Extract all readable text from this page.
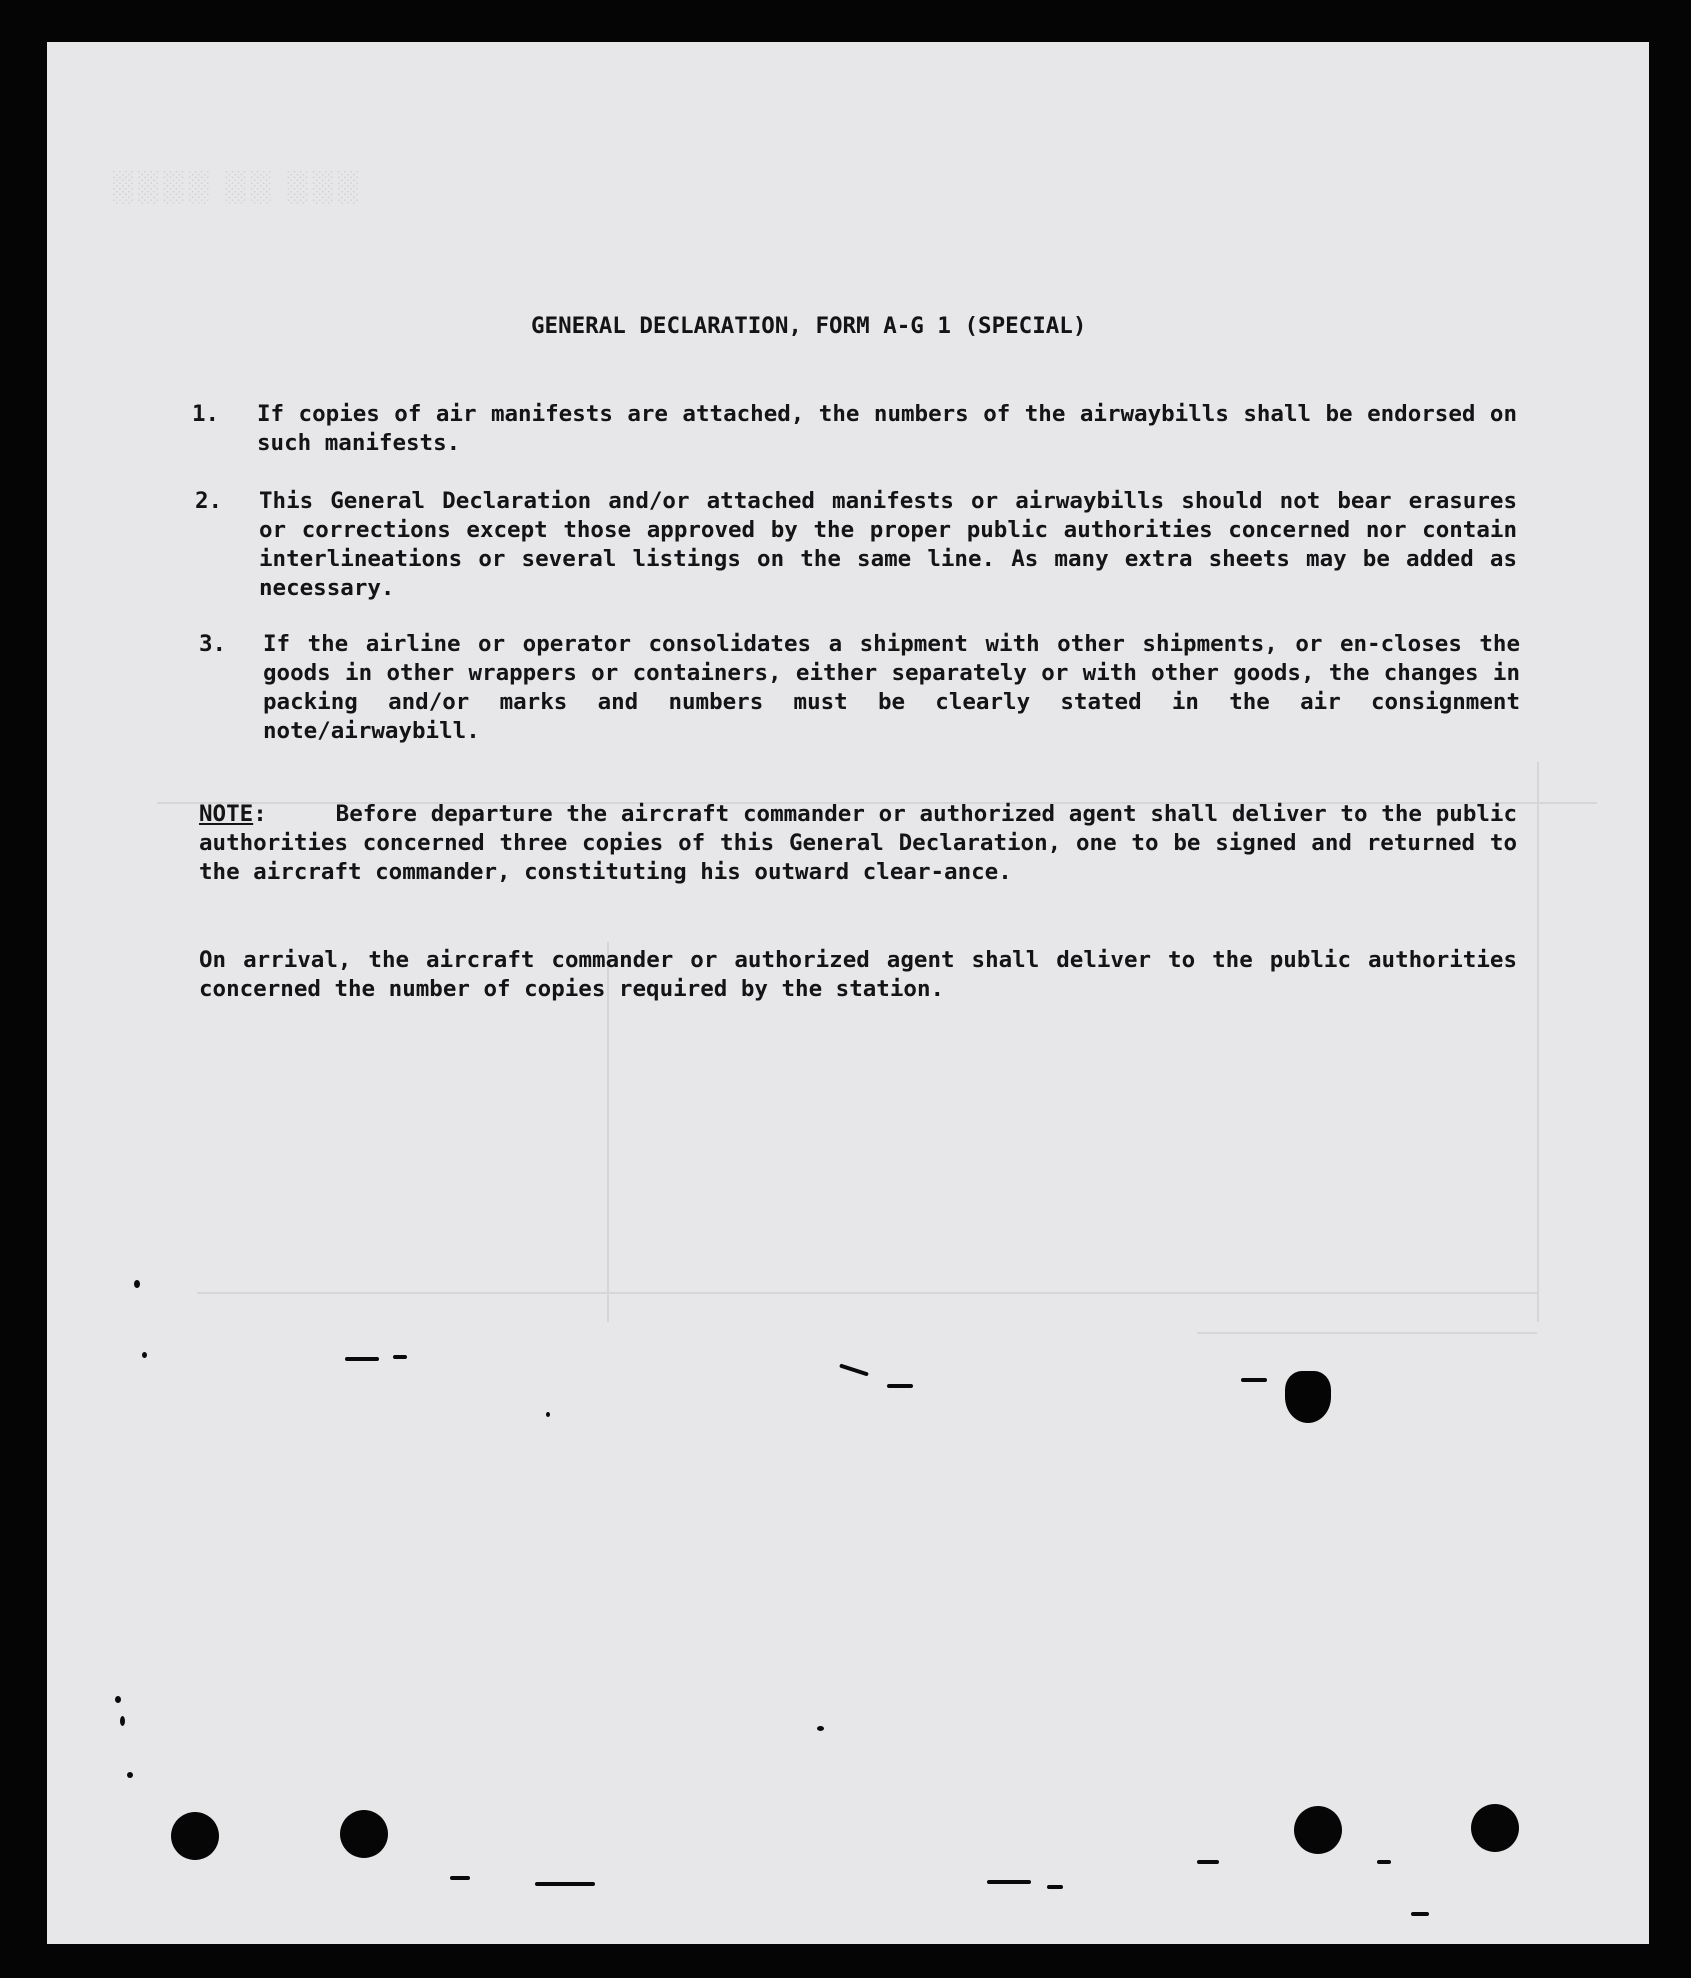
░░░ ░░ ░░░░
GENERAL DECLARATION, FORM A-G 1 (SPECIAL)
1. If copies of air manifests are attached, the numbers of the airwaybills shall be endorsed on such manifests.
2. This General Declaration and/or attached manifests or airwaybills should not bear erasures or corrections except those approved by the proper public authorities concerned nor contain interlineations or several listings on the same line. As many extra sheets may be added as necessary.
3. If the airline or operator consolidates a shipment with other shipments, or en-closes the goods in other wrappers or containers, either separately or with other goods, the changes in packing and/or marks and numbers must be clearly stated in the air consignment note/airwaybill.
NOTE:     Before departure the aircraft commander or authorized agent shall deliver to the public authorities concerned three copies of this General Declaration, one to be signed and returned to the aircraft commander, constituting his outward clear-ance.
On arrival, the aircraft commander or authorized agent shall deliver to the public authorities concerned the number of copies required by the station.
